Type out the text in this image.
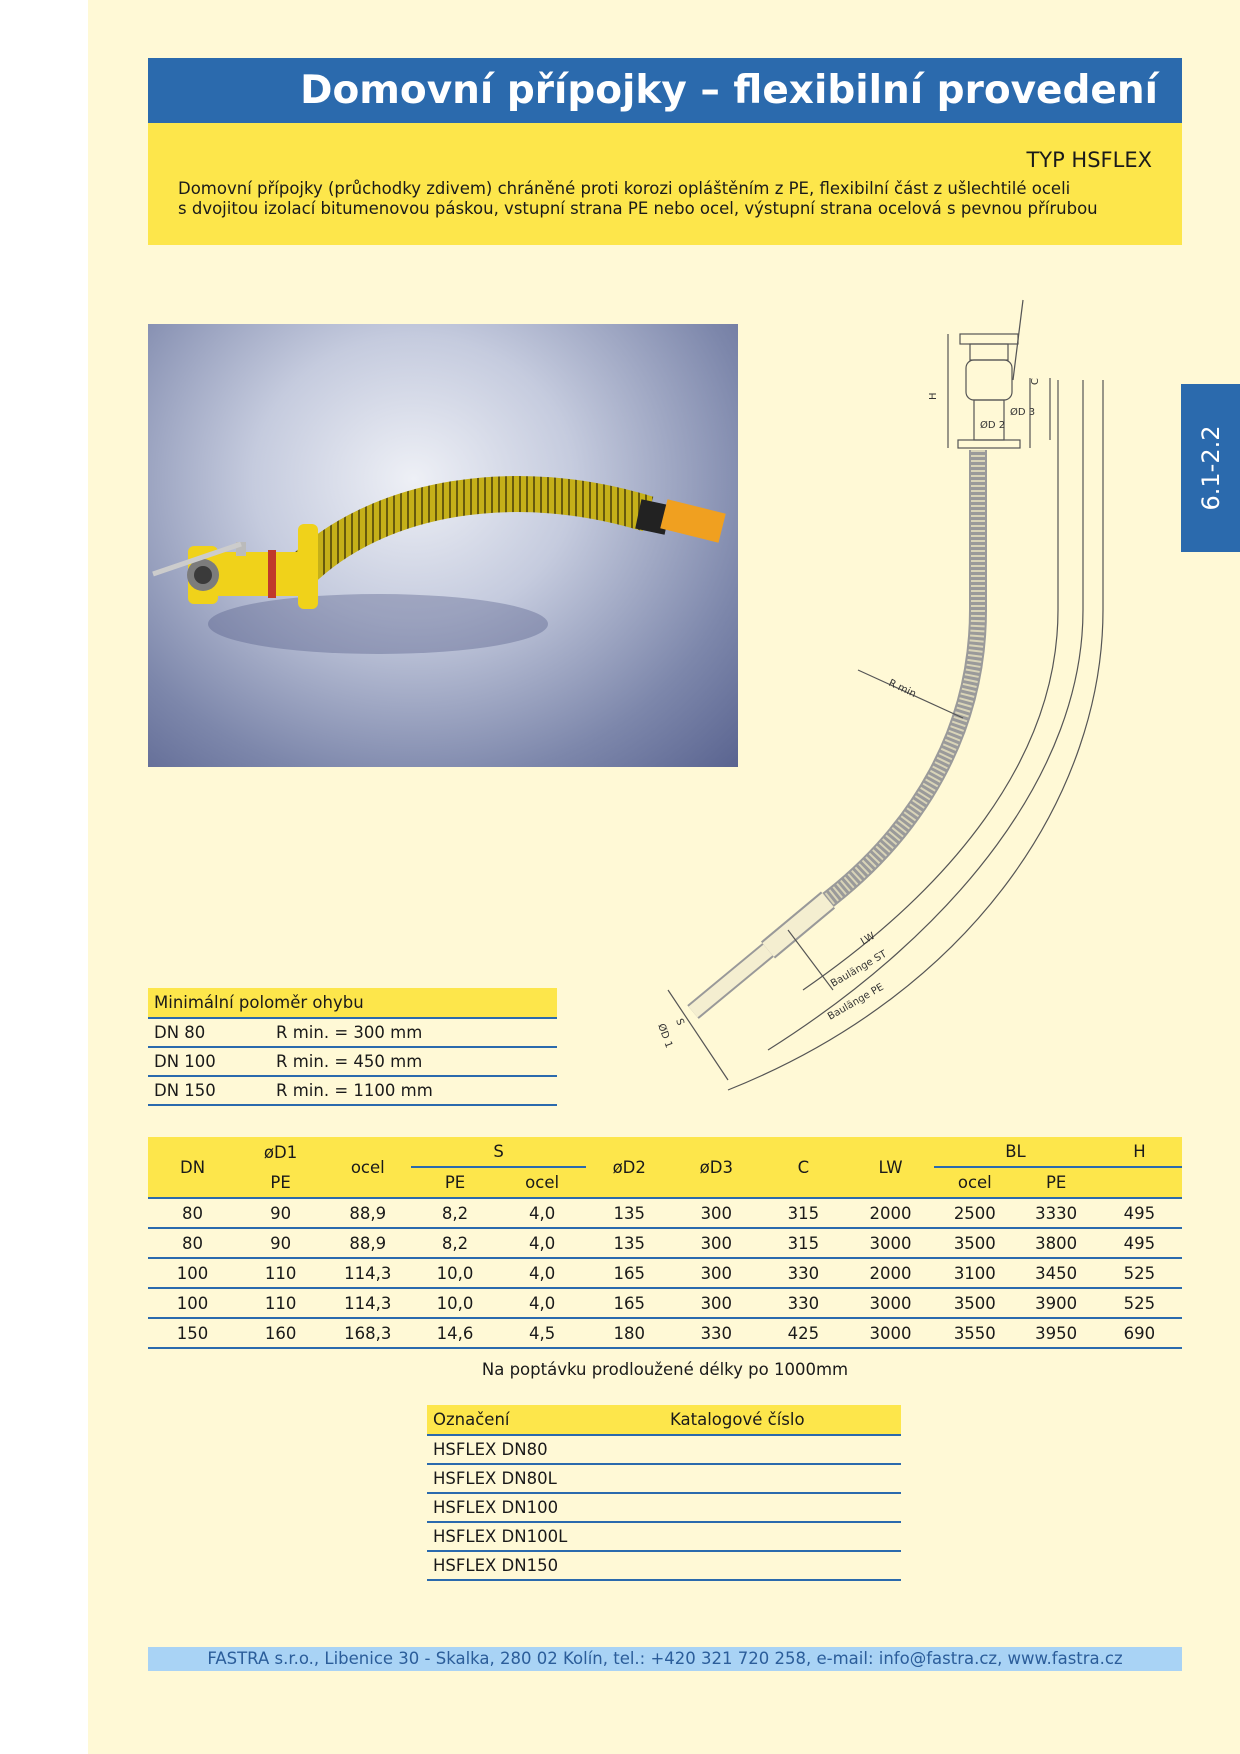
Domovní přípojky – flexibilní provedení
TYP HSFLEX
Domovní přípojky (průchodky zdivem) chráněné proti korozi opláštěním z PE, flexibilní část z ušlechtilé oceli
s dvojitou izolací bitumenovou páskou, vstupní strana PE nebo ocel, výstupní strana ocelová s pevnou přírubou
6.1-2.2
H
C
ØD 3
ØD 2
R min
LW
Baulänge ST
Baulänge PE
S
ØD 1
Minimální poloměr ohybu	
DN 80	R min. = 300 mm
DN 100	R min. = 450 mm
DN 150	R min. = 1100 mm
DN	øD1	ocel	S		øD2	øD3	C	LW	BL		H
	PE		PE	ocel					ocel	PE	
80	90	88,9	8,2	4,0	135	300	315	2000	2500	3330	495
80	90	88,9	8,2	4,0	135	300	315	3000	3500	3800	495
100	110	114,3	10,0	4,0	165	300	330	2000	3100	3450	525
100	110	114,3	10,0	4,0	165	300	330	3000	3500	3900	525
150	160	168,3	14,6	4,5	180	330	425	3000	3550	3950	690
Na poptávku prodloužené délky po 1000mm
Označení	Katalogové číslo
HSFLEX DN80	
HSFLEX DN80L	
HSFLEX DN100	
HSFLEX DN100L	
HSFLEX DN150	
FASTRA s.r.o., Libenice 30 - Skalka, 280 02 Kolín, tel.: +420 321 720 258, e-mail: info@fastra.cz, www.fastra.cz
